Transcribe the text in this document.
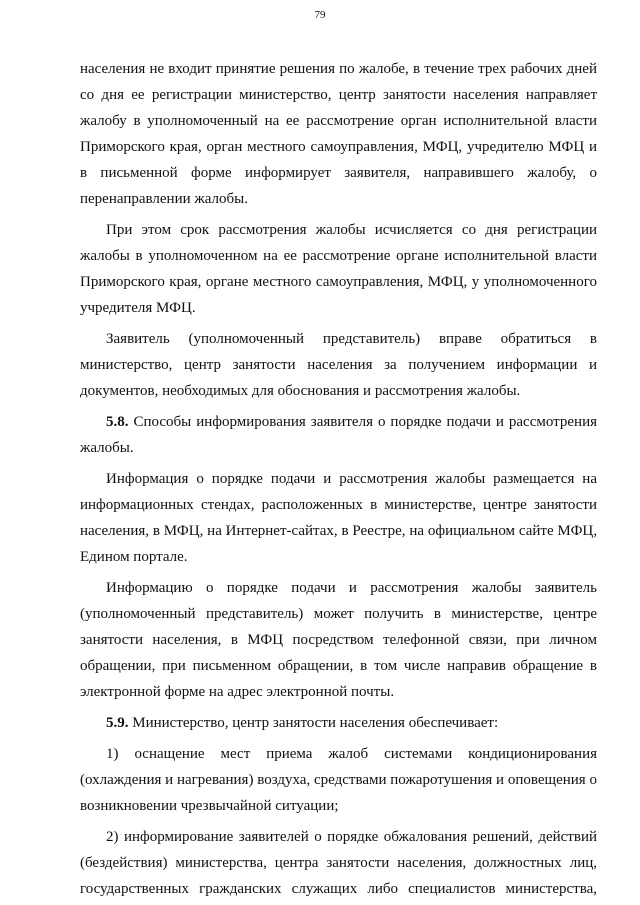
79

населения не входит принятие решения по жалобе, в течение трех рабочих дней со дня ее регистрации министерство, центр занятости населения направляет жалобу в уполномоченный на ее рассмотрение орган исполнительной власти Приморского края, орган местного самоуправления, МФЦ, учредителю МФЦ и в письменной форме информирует заявителя, направившего жалобу, о перенаправлении жалобы.

При этом срок рассмотрения жалобы исчисляется со дня регистрации жалобы в уполномоченном на ее рассмотрение органе исполнительной власти Приморского края, органе местного самоуправления, МФЦ, у уполномоченного учредителя МФЦ.

Заявитель (уполномоченный представитель) вправе обратиться в министерство, центр занятости населения за получением информации и документов, необходимых для обоснования и рассмотрения жалобы.

5.8. Способы информирования заявителя о порядке подачи и рассмотрения жалобы.

Информация о порядке подачи и рассмотрения жалобы размещается на информационных стендах, расположенных в министерстве, центре занятости населения, в МФЦ, на Интернет-сайтах, в Реестре, на официальном сайте МФЦ, Едином портале.

Информацию о порядке подачи и рассмотрения жалобы заявитель (уполномоченный представитель) может получить в министерстве, центре занятости населения, в МФЦ посредством телефонной связи, при личном обращении, при письменном обращении, в том числе направив обращение в электронной форме на адрес электронной почты.

5.9. Министерство, центр занятости населения обеспечивает:

1) оснащение мест приема жалоб системами кондиционирования (охлаждения и нагревания) воздуха, средствами пожаротушения и оповещения о возникновении чрезвычайной ситуации;

2) информирование заявителей о порядке обжалования решений, действий (бездействия) министерства, центра занятости населения, должностных лиц, государственных гражданских служащих либо специалистов министерства,
